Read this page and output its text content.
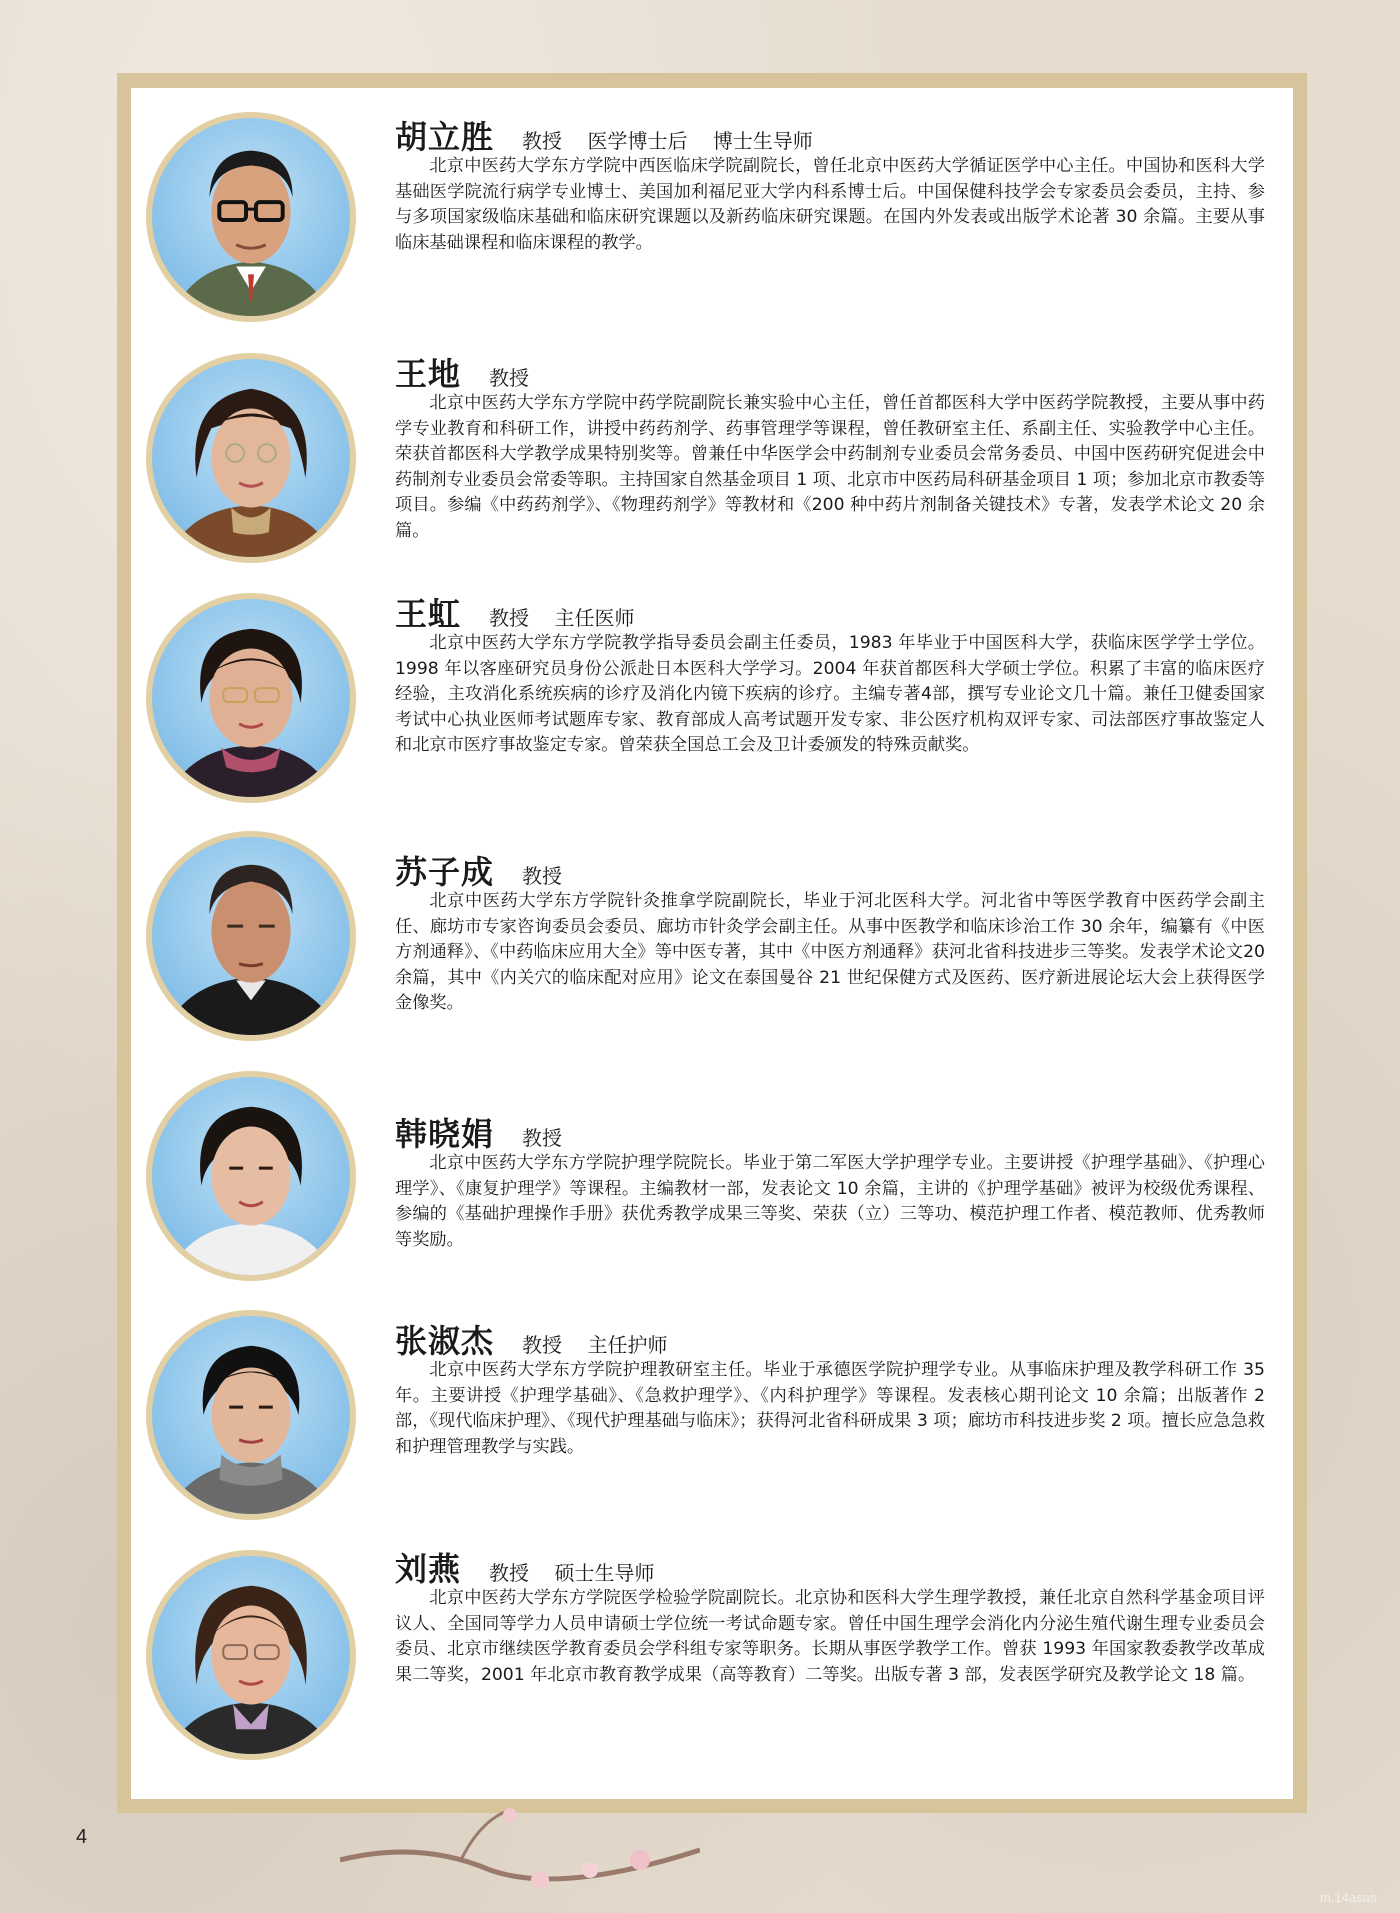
胡立胜 教授    医学博士后    博士生导师

北京中医药大学东方学院中西医临床学院副院长，曾任北京中医药大学循证医学中心主任。中国协和医科大学基础医学院流行病学专业博士、美国加利福尼亚大学内科系博士后。中国保健科技学会专家委员会委员，主持、参与多项国家级临床基础和临床研究课题以及新药临床研究课题。在国内外发表或出版学术论著 30 余篇。主要从事临床基础课程和临床课程的教学。

王地 教授

北京中医药大学东方学院中药学院副院长兼实验中心主任，曾任首都医科大学中医药学院教授，主要从事中药学专业教育和科研工作，讲授中药药剂学、药事管理学等课程，曾任教研室主任、系副主任、实验教学中心主任。荣获首都医科大学教学成果特别奖等。曾兼任中华医学会中药制剂专业委员会常务委员、中国中医药研究促进会中药制剂专业委员会常委等职。主持国家自然基金项目 1 项、北京市中医药局科研基金项目 1 项；参加北京市教委等项目。参编《中药药剂学》、《物理药剂学》等教材和《200 种中药片剂制备关键技术》专著，发表学术论文 20 余篇。

王虹 教授    主任医师

北京中医药大学东方学院教学指导委员会副主任委员，1983 年毕业于中国医科大学，获临床医学学士学位。1998 年以客座研究员身份公派赴日本医科大学学习。2004 年获首都医科大学硕士学位。积累了丰富的临床医疗经验，主攻消化系统疾病的诊疗及消化内镜下疾病的诊疗。主编专著4部，撰写专业论文几十篇。兼任卫健委国家考试中心执业医师考试题库专家、教育部成人高考试题开发专家、非公医疗机构双评专家、司法部医疗事故鉴定人和北京市医疗事故鉴定专家。曾荣获全国总工会及卫计委颁发的特殊贡献奖。

苏子成 教授

北京中医药大学东方学院针灸推拿学院副院长，毕业于河北医科大学。河北省中等医学教育中医药学会副主任、廊坊市专家咨询委员会委员、廊坊市针灸学会副主任。从事中医教学和临床诊治工作 30 余年，编纂有《中医方剂通释》、《中药临床应用大全》等中医专著，其中《中医方剂通释》获河北省科技进步三等奖。发表学术论文20余篇，其中《内关穴的临床配对应用》论文在泰国曼谷 21 世纪保健方式及医药、医疗新进展论坛大会上获得医学金像奖。

韩晓娟 教授

北京中医药大学东方学院护理学院院长。毕业于第二军医大学护理学专业。主要讲授《护理学基础》、《护理心理学》、《康复护理学》等课程。主编教材一部，发表论文 10 余篇，主讲的《护理学基础》被评为校级优秀课程、参编的《基础护理操作手册》获优秀教学成果三等奖、荣获（立）三等功、模范护理工作者、模范教师、优秀教师等奖励。

张淑杰 教授    主任护师

北京中医药大学东方学院护理教研室主任。毕业于承德医学院护理学专业。从事临床护理及教学科研工作 35 年。主要讲授《护理学基础》、《急救护理学》、《内科护理学》等课程。发表核心期刊论文 10 余篇；出版著作 2 部，《现代临床护理》、《现代护理基础与临床》；获得河北省科研成果 3 项；廊坊市科技进步奖 2 项。擅长应急急救和护理管理教学与实践。

刘燕 教授    硕士生导师

北京中医药大学东方学院医学检验学院副院长。北京协和医科大学生理学教授，兼任北京自然科学基金项目评议人、全国同等学力人员申请硕士学位统一考试命题专家。曾任中国生理学会消化内分泌生殖代谢生理专业委员会委员、北京市继续医学教育委员会学科组专家等职务。长期从事医学教学工作。曾获 1993 年国家教委教学改革成果二等奖，2001 年北京市教育教学成果（高等教育）二等奖。出版专著 3 部，发表医学研究及教学论文 18 篇。

4
m.14asas.
